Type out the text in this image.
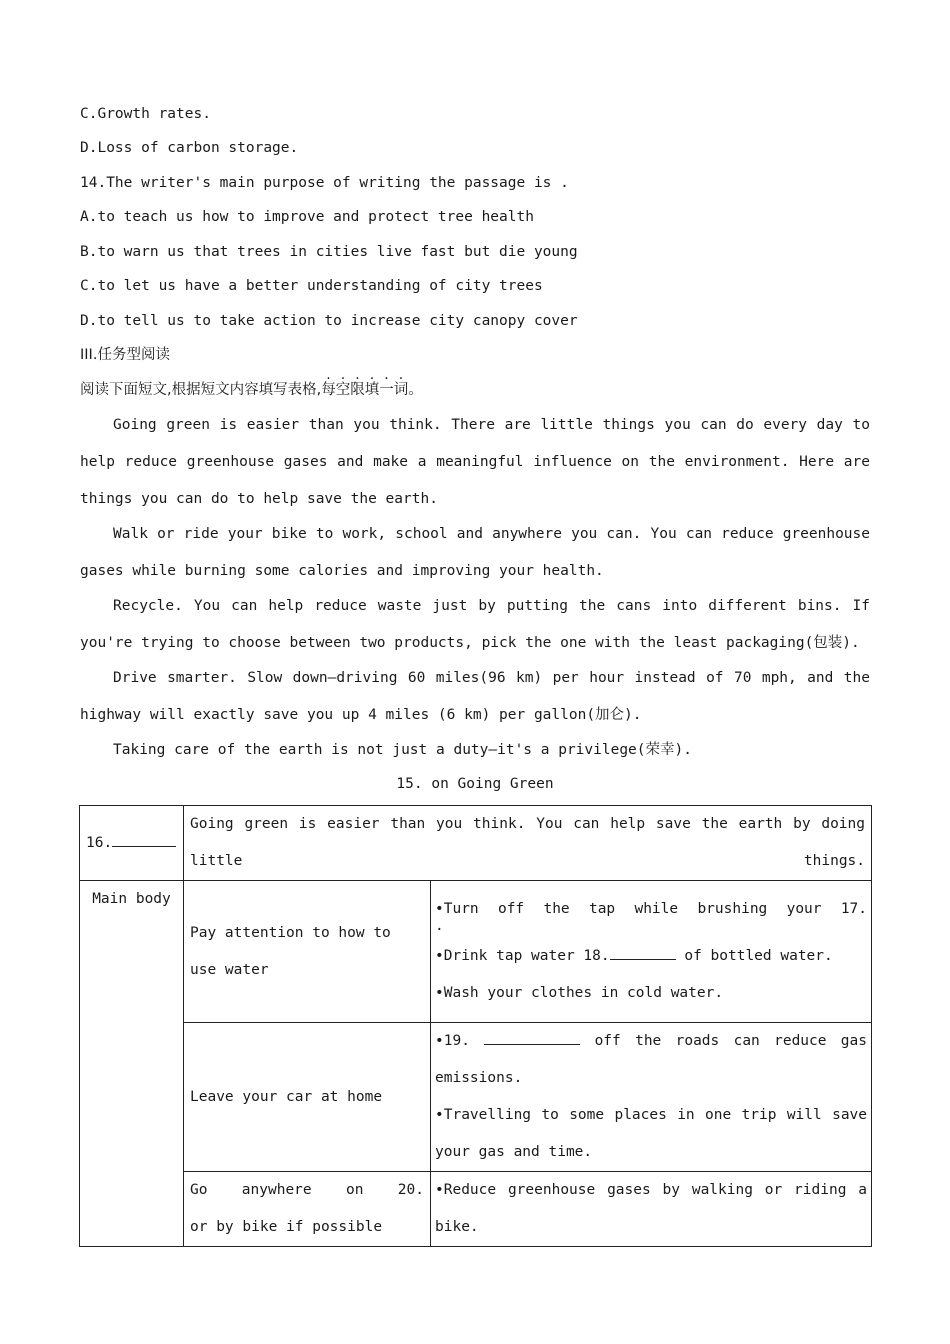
C.Growth rates.
D.Loss of carbon storage.
14.The writer's main purpose of writing the passage is .
A.to teach us how to improve and protect tree health
B.to warn us that trees in cities live fast but die young
C.to let us have a better understanding of city trees
D.to tell us to take action to increase city canopy cover
III.任务型阅读
阅读下面短文,根据短文内容填写表格,每空限填一词。
Going green is easier than you think. There are little things you can do every day to help reduce greenhouse gases and make a meaningful influence on the environment. Here are things you can do to help save the earth.
Walk or ride your bike to work, school and anywhere you can. You can reduce greenhouse gases while burning some calories and improving your health.
Recycle. You can help reduce waste just by putting the cans into different bins. If you're trying to choose between two products, pick the one with the least packaging(包装).
Drive smarter. Slow down—driving 60 miles(96 km) per hour instead of 70 mph, and the highway will exactly save you up 4 miles (6 km) per gallon(加仑).
Taking care of the earth is not just a duty—it's a privilege(荣幸).
15. on Going Green
16.	Going green is easier than you think. You can help save the earth by doing little things.	
Main body	Pay attention to how to use water	•Turn off the tap while brushing your 17.
.
•Drink tap water 18. of bottled water.
•Wash your clothes in cold water.

	Leave your car at home	•19. off the roads can reduce gas emissions.
•Travelling to some places in one trip will save your gas and time.

	Go anywhere on 20.
or by bike if possible	•Reduce greenhouse gases by walking or riding a bike.
